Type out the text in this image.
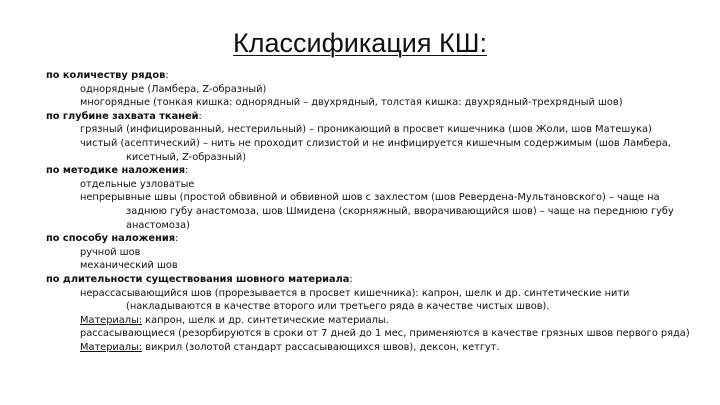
Классификация КШ:
по количеству рядов:
однорядные (Ламбера, Z-образный)
многорядные (тонкая кишка: однорядный – двухрядный, толстая кишка: двухрядный-трехрядный шов)
по глубине захвата тканей:
грязный (инфицированный, нестерильный) – проникающий в просвет кишечника (шов Жоли, шов Матешука)
чистый (асептический) – нить не проходит слизистой и не инфицируется кишечным содержимым (шов Ламбера, кисетный, Z-образный)
по методике наложения:
отдельные узловатые
непрерывные швы (простой обвивной и обвивной шов с захлестом (шов Ревердена-Мультановского) – чаще на заднюю губу анастомоза, шов Шмидена (скорняжный, вворачивающийся шов) – чаще на переднюю губу анастомоза)
по способу наложения:
ручной шов
механический шов
по длительности существования шовного материала:
нерассасывающийся шов (прорезывается в просвет кишечника): капрон, шелк и др. синтетические нити (накладываются в качестве второго или третьего ряда в качестве чистых швов).
Материалы: капрон, шелк и др. синтетические материалы.
рассасывающиеся (резорбируются в сроки от 7 дней до 1 мес, применяются в качестве грязных швов первого ряда)
Материалы: викрил (золотой стандарт рассасывающихся швов), дексон, кетгут.
